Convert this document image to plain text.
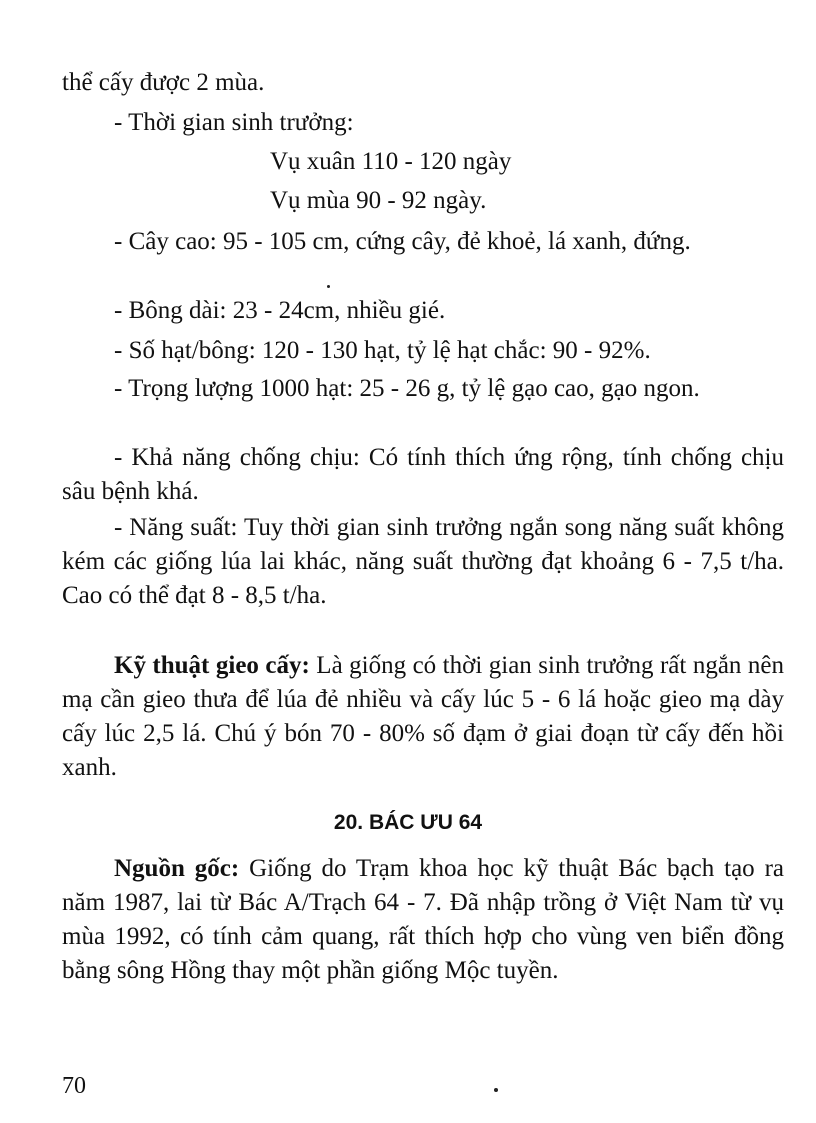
thể cấy được 2 mùa.

- Thời gian sinh trưởng:

Vụ xuân 110 - 120 ngày

Vụ mùa 90 - 92 ngày.

- Cây cao: 95 - 105 cm, cứng cây, đẻ khoẻ, lá xanh, đứng.

- Bông dài: 23 - 24cm, nhiều gié.

- Số hạt/bông: 120 - 130 hạt, tỷ lệ hạt chắc: 90 - 92%.

- Trọng lượng 1000 hạt: 25 - 26 g, tỷ lệ gạo cao, gạo ngon.

- Khả năng chống chịu: Có tính thích ứng rộng, tính chống chịu sâu bệnh khá.

- Năng suất: Tuy thời gian sinh trưởng ngắn song năng suất không kém các giống lúa lai khác, năng suất thường đạt khoảng 6 - 7,5 t/ha. Cao có thể đạt 8 - 8,5 t/ha.

Kỹ thuật gieo cấy: Là giống có thời gian sinh trưởng rất ngắn nên mạ cần gieo thưa để lúa đẻ nhiều và cấy lúc 5 - 6 lá hoặc gieo mạ dày cấy lúc 2,5 lá. Chú ý bón 70 - 80% số đạm ở giai đoạn từ cấy đến hồi xanh.

20. BÁC ƯU 64

Nguồn gốc: Giống do Trạm khoa học kỹ thuật Bác bạch tạo ra năm 1987, lai từ Bác A/Trạch 64 - 7. Đã nhập trồng ở Việt Nam từ vụ mùa 1992, có tính cảm quang, rất thích hợp cho vùng ven biển đồng bằng sông Hồng thay một phần giống Mộc tuyền.

70
